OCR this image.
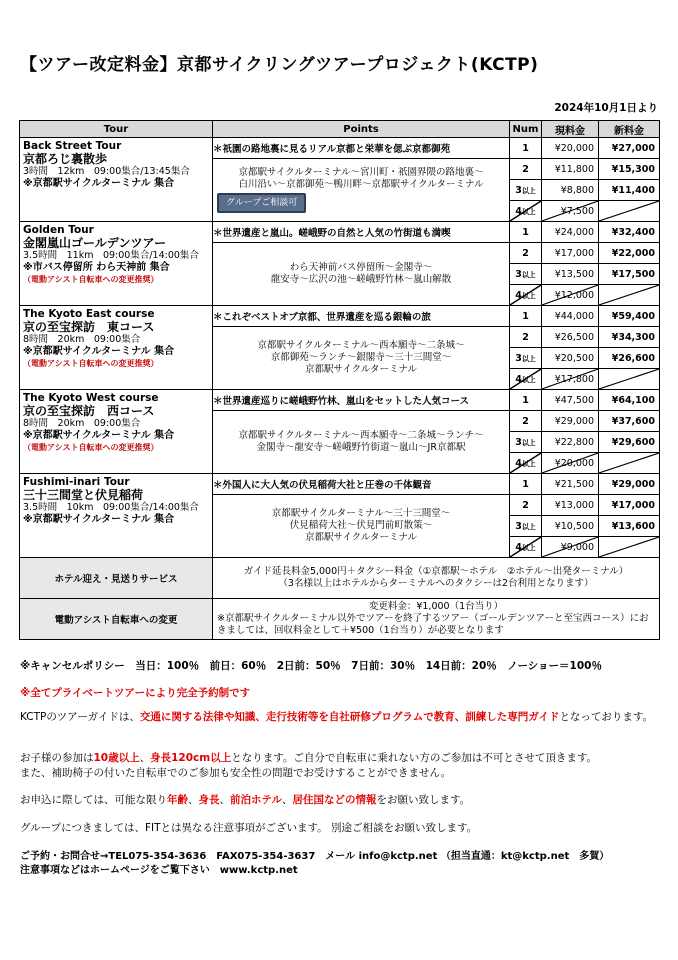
【ツアー改定料金】京都サイクリングツアープロジェクト(KCTP)
2024年10月1日より
Tour	Points	Num	現料金	新料金

Back Street Tour
京都ろじ裏散歩
3時間　12km　09:00集合/13:45集合
※京都駅サイクルターミナル 集合	＊祇園の路地裏に見るリアル京都と栄華を偲ぶ京都御苑	1	¥20,000	¥27,000

	京都駅サイクルターミナル～宮川町・祇園界隈の路地裏～
白川沿い～京都御苑～鴨川畔～京都駅サイクルターミナル
グループご相談可	2	¥11,800	¥15,300
		3以上	¥8,800	¥11,400
		4以上	¥7,500

Golden Tour
金閣嵐山ゴールデンツアー
3.5時間　11km　09:00集合/14:00集合
※市バス停留所 わら天神前 集合
（電動アシスト自転車への変更推奨）	＊世界遺産と嵐山。嵯峨野の自然と人気の竹街道も満喫	1	¥24,000	¥32,400

	わら天神前バス停留所～金閣寺～
龍安寺～広沢の池～嵯峨野竹林～嵐山解散	2	¥17,000	¥22,000
		3以上	¥13,500	¥17,500
		4以上	¥12,000

The Kyoto East course
京の至宝探訪　東コース
8時間　20km　09:00集合
※京都駅サイクルターミナル 集合
（電動アシスト自転車への変更推奨）	＊これぞベストオブ京都、世界遺産を巡る銀輪の旅	1	¥44,000	¥59,400

	京都駅サイクルターミナル～西本願寺～二条城～
京都御苑～ランチ～銀閣寺～三十三間堂～
京都駅サイクルターミナル	2	¥26,500	¥34,300
		3以上	¥20,500	¥26,600
		4以上	¥17,800

The Kyoto West course
京の至宝探訪　西コース
8時間　20km　09:00集合
※京都駅サイクルターミナル 集合
（電動アシスト自転車への変更推奨）	＊世界遺産巡りに嵯峨野竹林、嵐山をセットした人気コース	1	¥47,500	¥64,100

	京都駅サイクルターミナル～西本願寺～二条城～ランチ～
金閣寺～龍安寺～嵯峨野竹街道～嵐山～JR京都駅	2	¥29,000	¥37,600
		3以上	¥22,800	¥29,600
		4以上	¥20,000

Fushimi-inari Tour
三十三間堂と伏見稲荷
3.5時間　10km　09:00集合/14:00集合
※京都駅サイクルターミナル 集合	＊外国人に大人気の伏見稲荷大社と圧巻の千体観音	1	¥21,500	¥29,000

	京都駅サイクルターミナル～三十三間堂～
伏見稲荷大社～伏見門前町散策～
京都駅サイクルターミナル	2	¥13,000	¥17,000
		3以上	¥10,500	¥13,600
		4以上	¥9,000

ホテル迎え・見送りサービス	ガイド延長料金5,000円＋タクシー料金（①京都駅～ホテル　②ホテル～出発ターミナル）
（3名様以上はホテルからターミナルへのタクシーは2台利用となります）			

電動アシスト自転車への変更	変更料金：¥1,000（1台当り）
※京都駅サイクルターミナル以外でツアーを終了するツアー（ゴールデンツアーと至宝西コース）におきましては、回収料金として＋¥500（1台当り）が必要となります			
※キャンセルポリシー　当日：100％　前日：60％　2日前：50％　7日前：30％　14日前：20％　ノーショー＝100％
※全てプライベートツアーにより完全予約制です
KCTPのツアーガイドは、交通に関する法律や知識、走行技術等を自社研修プログラムで教育、訓練した専門ガイドとなっております。
お子様の参加は10歳以上、身長120cm以上となります。ご自分で自転車に乗れない方のご参加は不可とさせて頂きます。
また、補助椅子の付いた自転車でのご参加も安全性の問題でお受けすることができません。
お申込に際しては、可能な限り年齢、身長、前泊ホテル、居住国などの情報をお願い致します。
グループにつきましては、FITとは異なる注意事項がございます。 別途ご相談をお願い致します。
ご予約・お問合せ→TEL075-354-3636　FAX075-354-3637　メール info@kctp.net （担当直通：kt@kctp.net　多賀）
注意事項などはホームページをご覧下さい　www.kctp.net
